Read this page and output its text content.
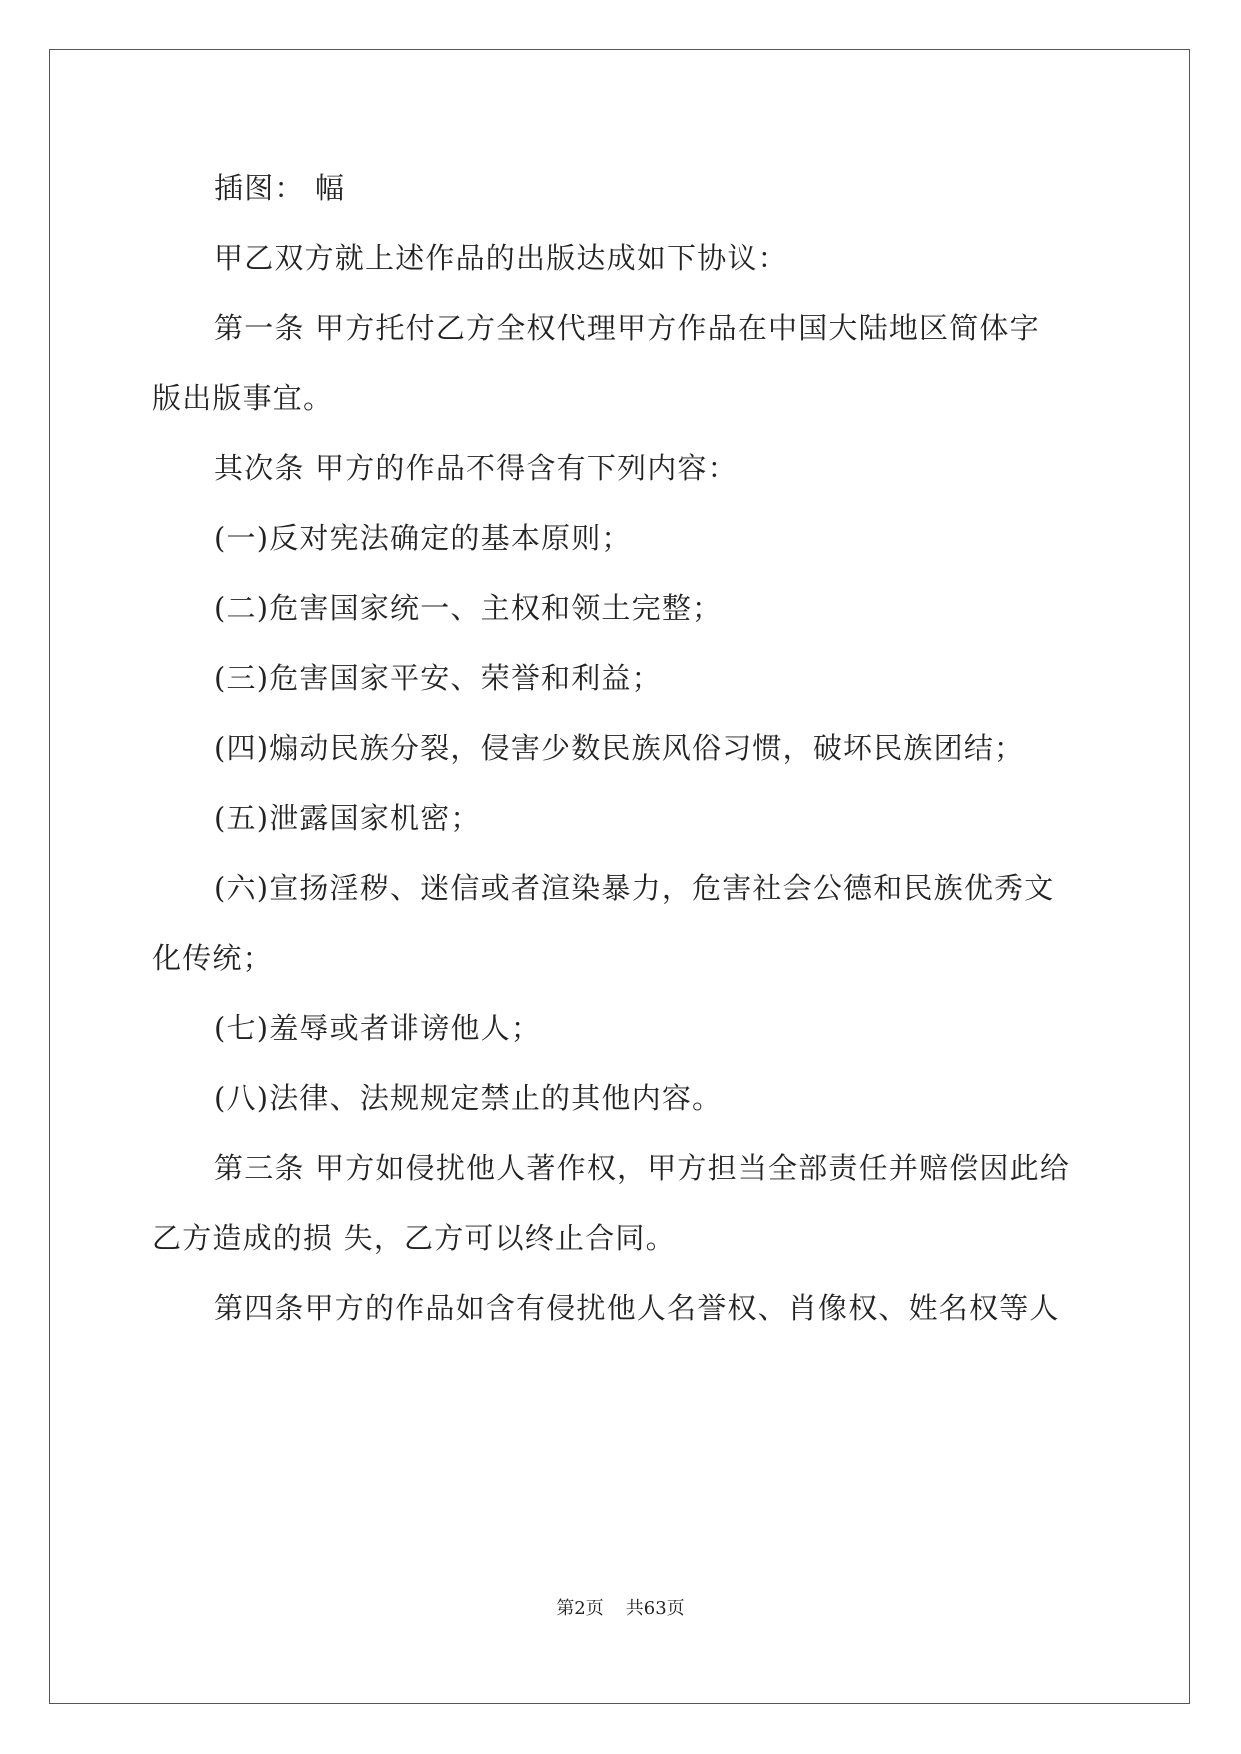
插图： 幅
甲乙双方就上述作品的出版达成如下协议：
第一条 甲方托付乙方全权代理甲方作品在中国大陆地区简体字
版出版事宜。
其次条 甲方的作品不得含有下列内容：
(一)反对宪法确定的基本原则；
(二)危害国家统一、主权和领土完整；
(三)危害国家平安、荣誉和利益；
(四)煽动民族分裂，侵害少数民族风俗习惯，破坏民族团结；
(五)泄露国家机密；
(六)宣扬淫秽、迷信或者渲染暴力，危害社会公德和民族优秀文
化传统；
(七)羞辱或者诽谤他人；
(八)法律、法规规定禁止的其他内容。
第三条 甲方如侵扰他人著作权，甲方担当全部责任并赔偿因此给
乙方造成的损 失，乙方可以终止合同。
第四条甲方的作品如含有侵扰他人名誉权、肖像权、姓名权等人
第2页 共63页
